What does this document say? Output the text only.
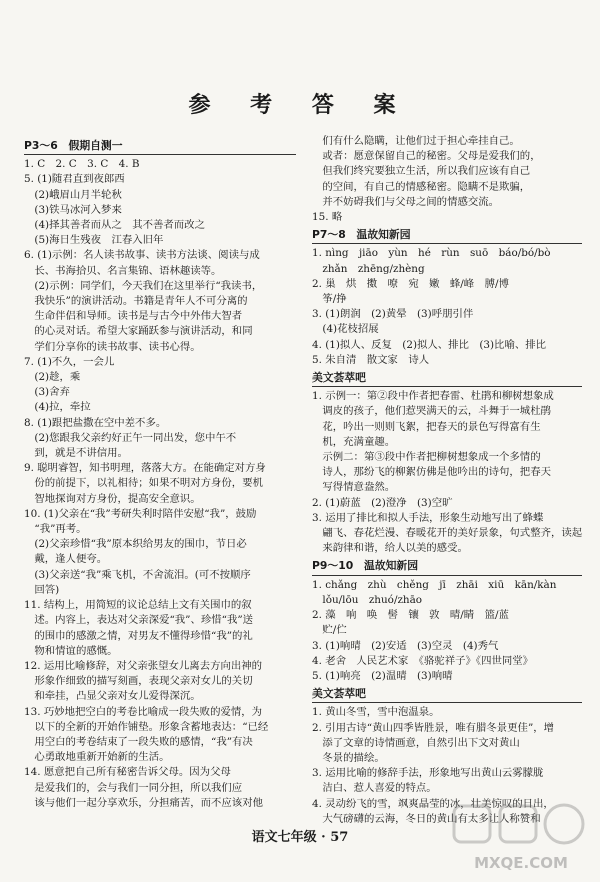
参 考 答 案
P3～6　假期自测一
1. C　2. C　3. C　4. B
5. (1)随君直到夜郎西
　(2)峨眉山月半轮秋
　(3)铁马冰河入梦来
　(4)择其善者而从之　其不善者而改之
　(5)海日生残夜　江春入旧年
6. (1)示例：名人读书故事、读书方法谈、阅读与成
　长、书海拾贝、名言集锦、语林趣读等。
　(2)示例：同学们，今天我们在这里举行“我读书，
　我快乐”的演讲活动。书籍是青年人不可分离的
　生命伴侣和导师。读书是与古今中外伟大智者
　的心灵对话。希望大家踊跃参与演讲活动，和同
　学们分享你的读书故事、读书心得。
7. (1)不久，一会儿
　(2)趁，乘
　(3)舍弃
　(4)拉，牵拉
8. (1)跟把盐撒在空中差不多。
　(2)您跟我父亲约好正午一同出发，您中午不
　到，就是不讲信用。
9. 聪明睿智，知书明理，落落大方。在能确定对方身
　份的前提下，以礼相待；如果不明对方身份，要机
　智地探询对方身份，提高安全意识。
10. (1)父亲在“我”考研失利时陪伴安慰“我”，鼓励
　“我”再考。
　(2)父亲珍惜“我”原本织给男友的围巾，节日必
　戴，逢人便夸。
　(3)父亲送“我”乘飞机，不舍流泪。(可不按顺序
　回答)
11. 结构上，用简短的议论总结上文有关围巾的叙
　述。内容上，表达对父亲深爱“我”、珍惜“我”送
　的围巾的感激之情，对男友不懂得珍惜“我”的礼
　物和情谊的感慨。
12. 运用比喻修辞，对父亲张望女儿离去方向出神的
　形象作细致的描写刻画，表现父亲对女儿的关切
　和牵挂，凸显父亲对女儿爱得深沉。
13. 巧妙地把空白的考卷比喻成一段失败的爱情，为
　以下的全新的开始作铺垫。形象含蓄地表达：“已经
　用空白的考卷结束了一段失败的感情，“我”有决
　心勇敢地重新开始新的生活。
14. 愿意把自己所有秘密告诉父母。因为父母
　是爱我们的，会与我们一同分担，所以我们应
　该与他们一起分享欢乐，分担痛苦，而不应该对他
　们有什么隐瞒，让他们过于担心牵挂自己。
　或者：愿意保留自己的秘密。父母是爱我们的，
　但我们终究要独立生活，所以我们应该有自己
　的空间，有自己的情感秘密。隐瞒不是欺骗，
　并不妨碍我们与父母之间的情感交流。
15. 略
P7～8　温故知新园
1. nìng　jiāo　yùn　hé　rùn　suō　báo/bó/bò
　zhǎn　zhēng/zhèng
2. 巢　烘　擞　嘹　宛　嫩　蜂/峰　膊/博
　筝/挣
3. (1)朗润　(2)黄晕　(3)呼朋引伴
　(4)花枝招展
4. (1)拟人、反复　(2)拟人、排比　(3)比喻、排比
5. 朱自清　散文家　诗人
美文荟萃吧
1. 示例一：第②段中作者把春雷、杜鹃和柳树想象成
　调皮的孩子，他们惹哭满天的云，斗舞于一城杜鹃
　花，吟出一则则飞絮，把春天的景色写得富有生
　机，充满童趣。
　示例二：第③段中作者把柳树想象成一个多情的
　诗人，那纷飞的柳絮仿佛是他吟出的诗句，把春天
　写得情意盎然。
2. (1)蔚蓝　(2)澄净　(3)空旷
3. 运用了排比和拟人手法，形象生动地写出了蜂蝶
　翩飞、春花烂漫、春暖花开的美好景象，句式整齐，读起
　来韵律和谐，给人以美的感受。
P9～10　温故知新园
1. chǎng　zhù　chěng　jī　zhāi　xiū　kān/kàn
　lǒu/lōu　zhuó/zhāo
2. 藻　响　唤　髻　镶　敦　晴/睛　篮/蓝
　贮/伫
3. (1)响晴　(2)安适　(3)空灵　(4)秀气
4. 老舍　人民艺术家　《骆驼祥子》《四世同堂》
5. (1)响亮　(2)温晴　(3)响晴
美文荟萃吧
1. 黄山冬雪，雪中泡温泉。
2. 引用古诗“黄山四季皆胜景，唯有腊冬景更佳”，增
　添了文章的诗情画意，自然引出下文对黄山
　冬景的描绘。
3. 运用比喻的修辞手法，形象地写出黄山云雾朦胧
　洁白、惹人喜爱的特点。
4. 灵动纷飞的雪，飒爽晶莹的冰，壮美惊叹的日出，
　大气磅礴的云海，冬日的黄山有太多让人称赞和
语文七年级 · 57
MXQE.COM
